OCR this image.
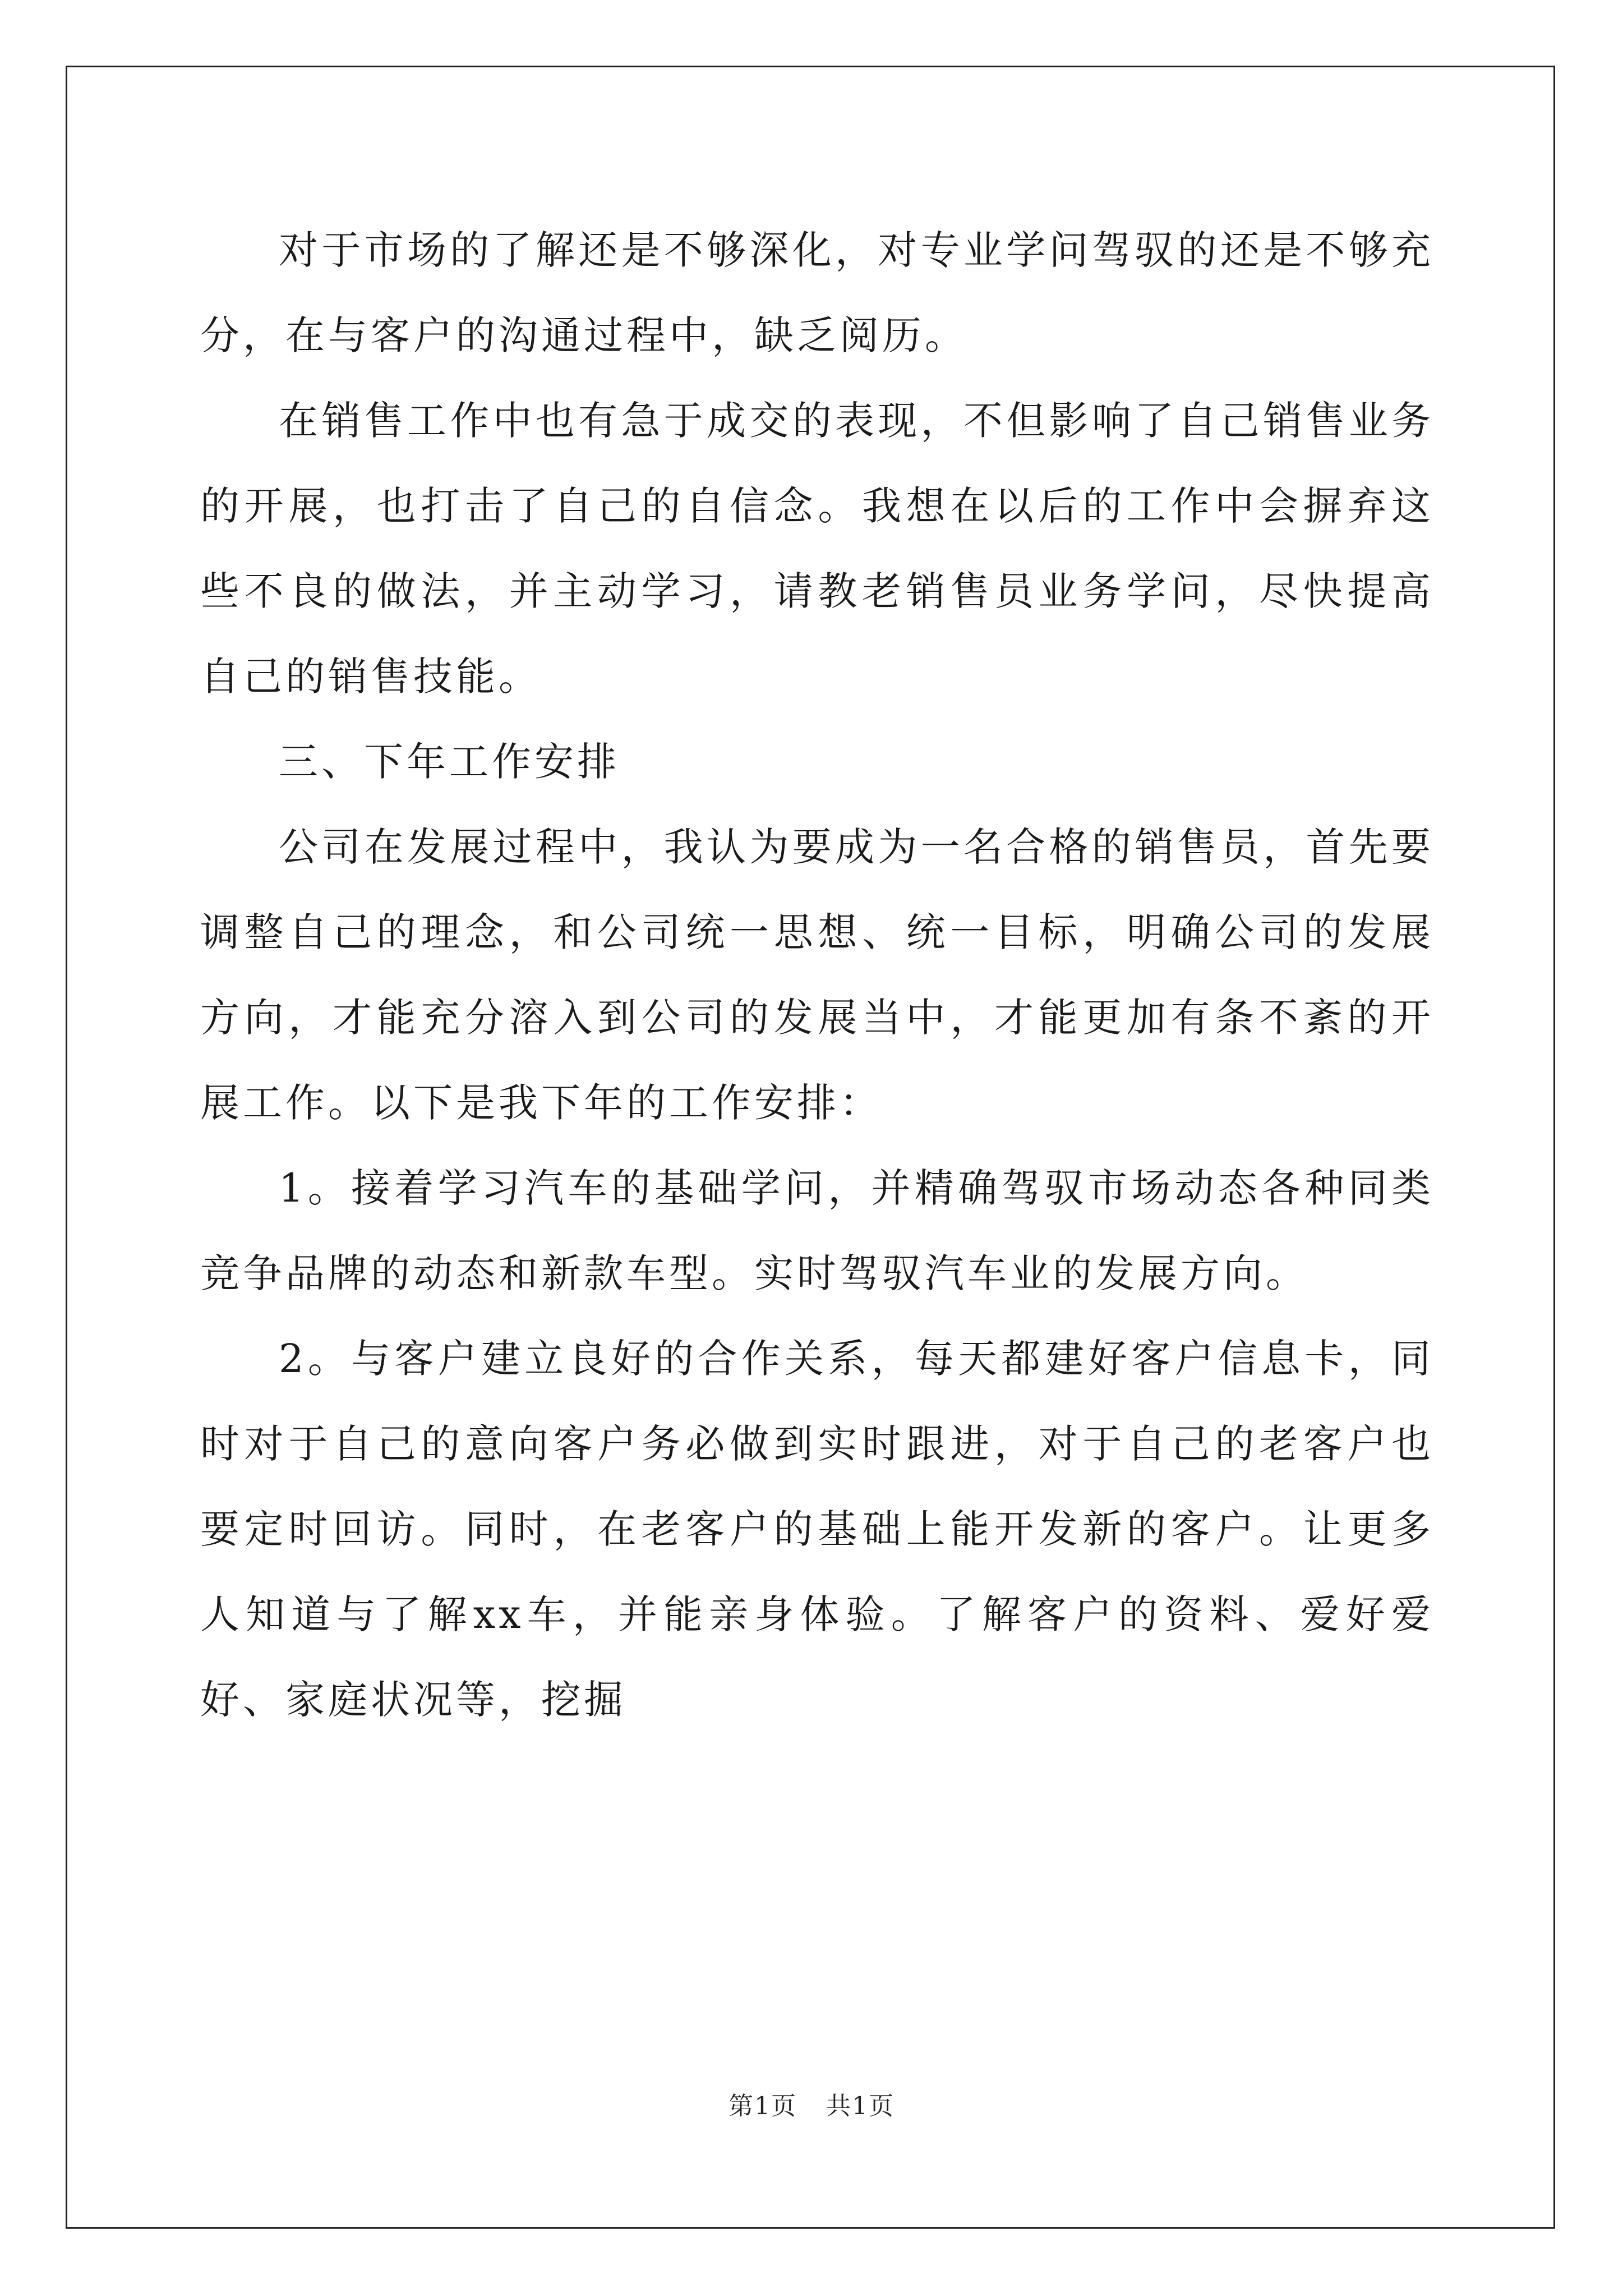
对于市场的了解还是不够深化，对专业学问驾驭的还是不够充分，在与客户的沟通过程中，缺乏阅历。

在销售工作中也有急于成交的表现，不但影响了自己销售业务的开展，也打击了自己的自信念。我想在以后的工作中会摒弃这些不良的做法，并主动学习，请教老销售员业务学问，尽快提高自己的销售技能。

三、下年工作安排

公司在发展过程中，我认为要成为一名合格的销售员，首先要调整自己的理念，和公司统一思想、统一目标，明确公司的发展方向，才能充分溶入到公司的发展当中，才能更加有条不紊的开展工作。以下是我下年的工作安排：

1。接着学习汽车的基础学问，并精确驾驭市场动态各种同类竞争品牌的动态和新款车型。实时驾驭汽车业的发展方向。

2。与客户建立良好的合作关系，每天都建好客户信息卡，同时对于自己的意向客户务必做到实时跟进，对于自己的老客户也要定时回访。同时，在老客户的基础上能开发新的客户。让更多人知道与了解xx车，并能亲身体验。了解客户的资料、爱好爱好、家庭状况等，挖掘

第1页 共1页
